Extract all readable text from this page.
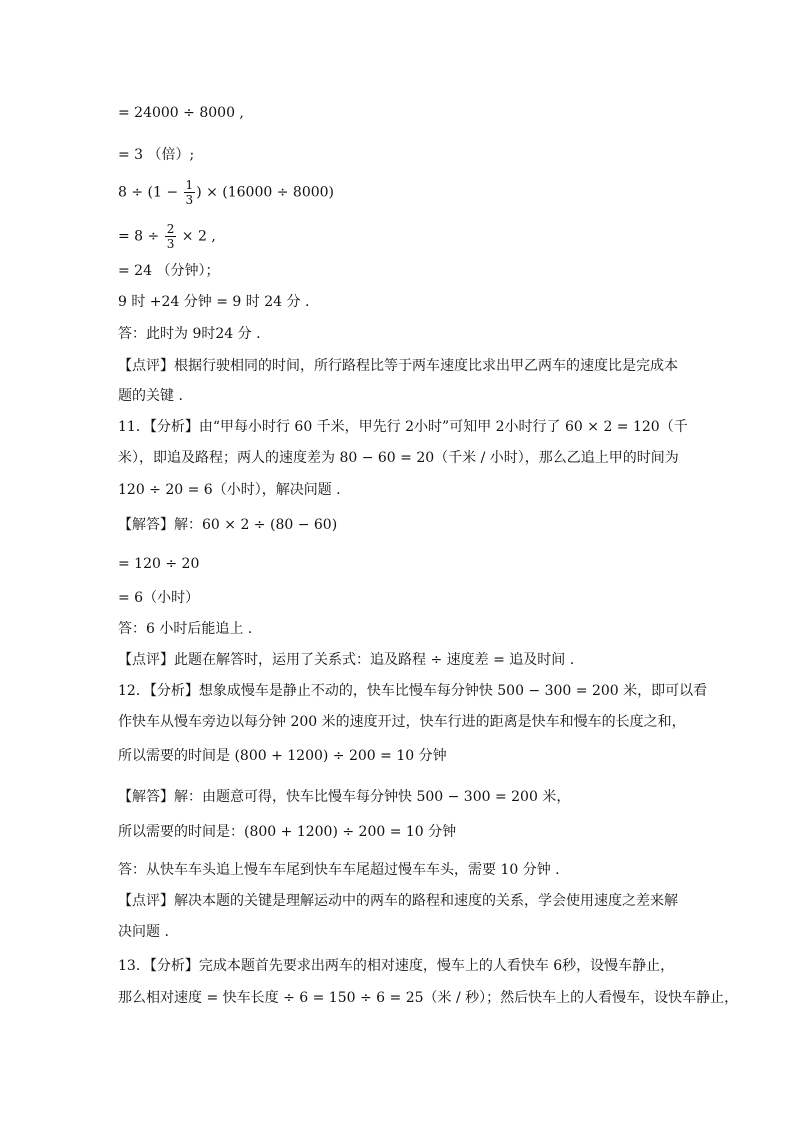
= 24000 ÷ 8000 ,
= 3 （倍）;
$8 \div (1 - \frac{1}{3}$ ) × (16000 ÷ 8000)
= $8 \div \frac{2}{3} \times 2$ ,
= 24 （分钟）；
9 时 +24 分钟 = 9 时 24 分 .
答：此时为 9时24 分 .
【点评】根据行驶相同的时间，所行路程比等于两车速度比求出甲乙两车的速度比是完成本
题的关键 .
11．【分析】由“甲每小时行 60 千米，甲先行 2小时”可知甲 2小时行了 60 × 2 = 120（千
米），即追及路程；两人的速度差为 80 − 60 = 20（千米 / 小时），那么乙追上甲的时间为
120 ÷ 20 = 6（小时），解决问题 .
【解答】解：60 × 2 ÷ (80 − 60)
= 120 ÷ 20
= 6（小时）
答：6 小时后能追上 .
【点评】此题在解答时，运用了关系式：追及路程 ÷ 速度差 = 追及时间 .
12．【分析】想象成慢车是静止不动的，快车比慢车每分钟快 500 − 300 = 200 米，即可以看
作快车从慢车旁边以每分钟 200 米的速度开过，快车行进的距离是快车和慢车的长度之和，
所以需要的时间是 (800 + 1200) ÷ 200 = 10 分钟
【解答】解：由题意可得，快车比慢车每分钟快 500 − 300 = 200 米，
所以需要的时间是：(800 + 1200) ÷ 200 = 10 分钟
答：从快车车头追上慢车车尾到快车车尾超过慢车车头，需要 10 分钟 .
【点评】解决本题的关键是理解运动中的两车的路程和速度的关系，学会使用速度之差来解
决问题 .
13．【分析】完成本题首先要求出两车的相对速度，慢车上的人看快车 6秒，设慢车静止，
那么相对速度 = 快车长度 ÷ 6 = 150 ÷ 6 = 25（米 / 秒）；然后快车上的人看慢车，设快车静止，
